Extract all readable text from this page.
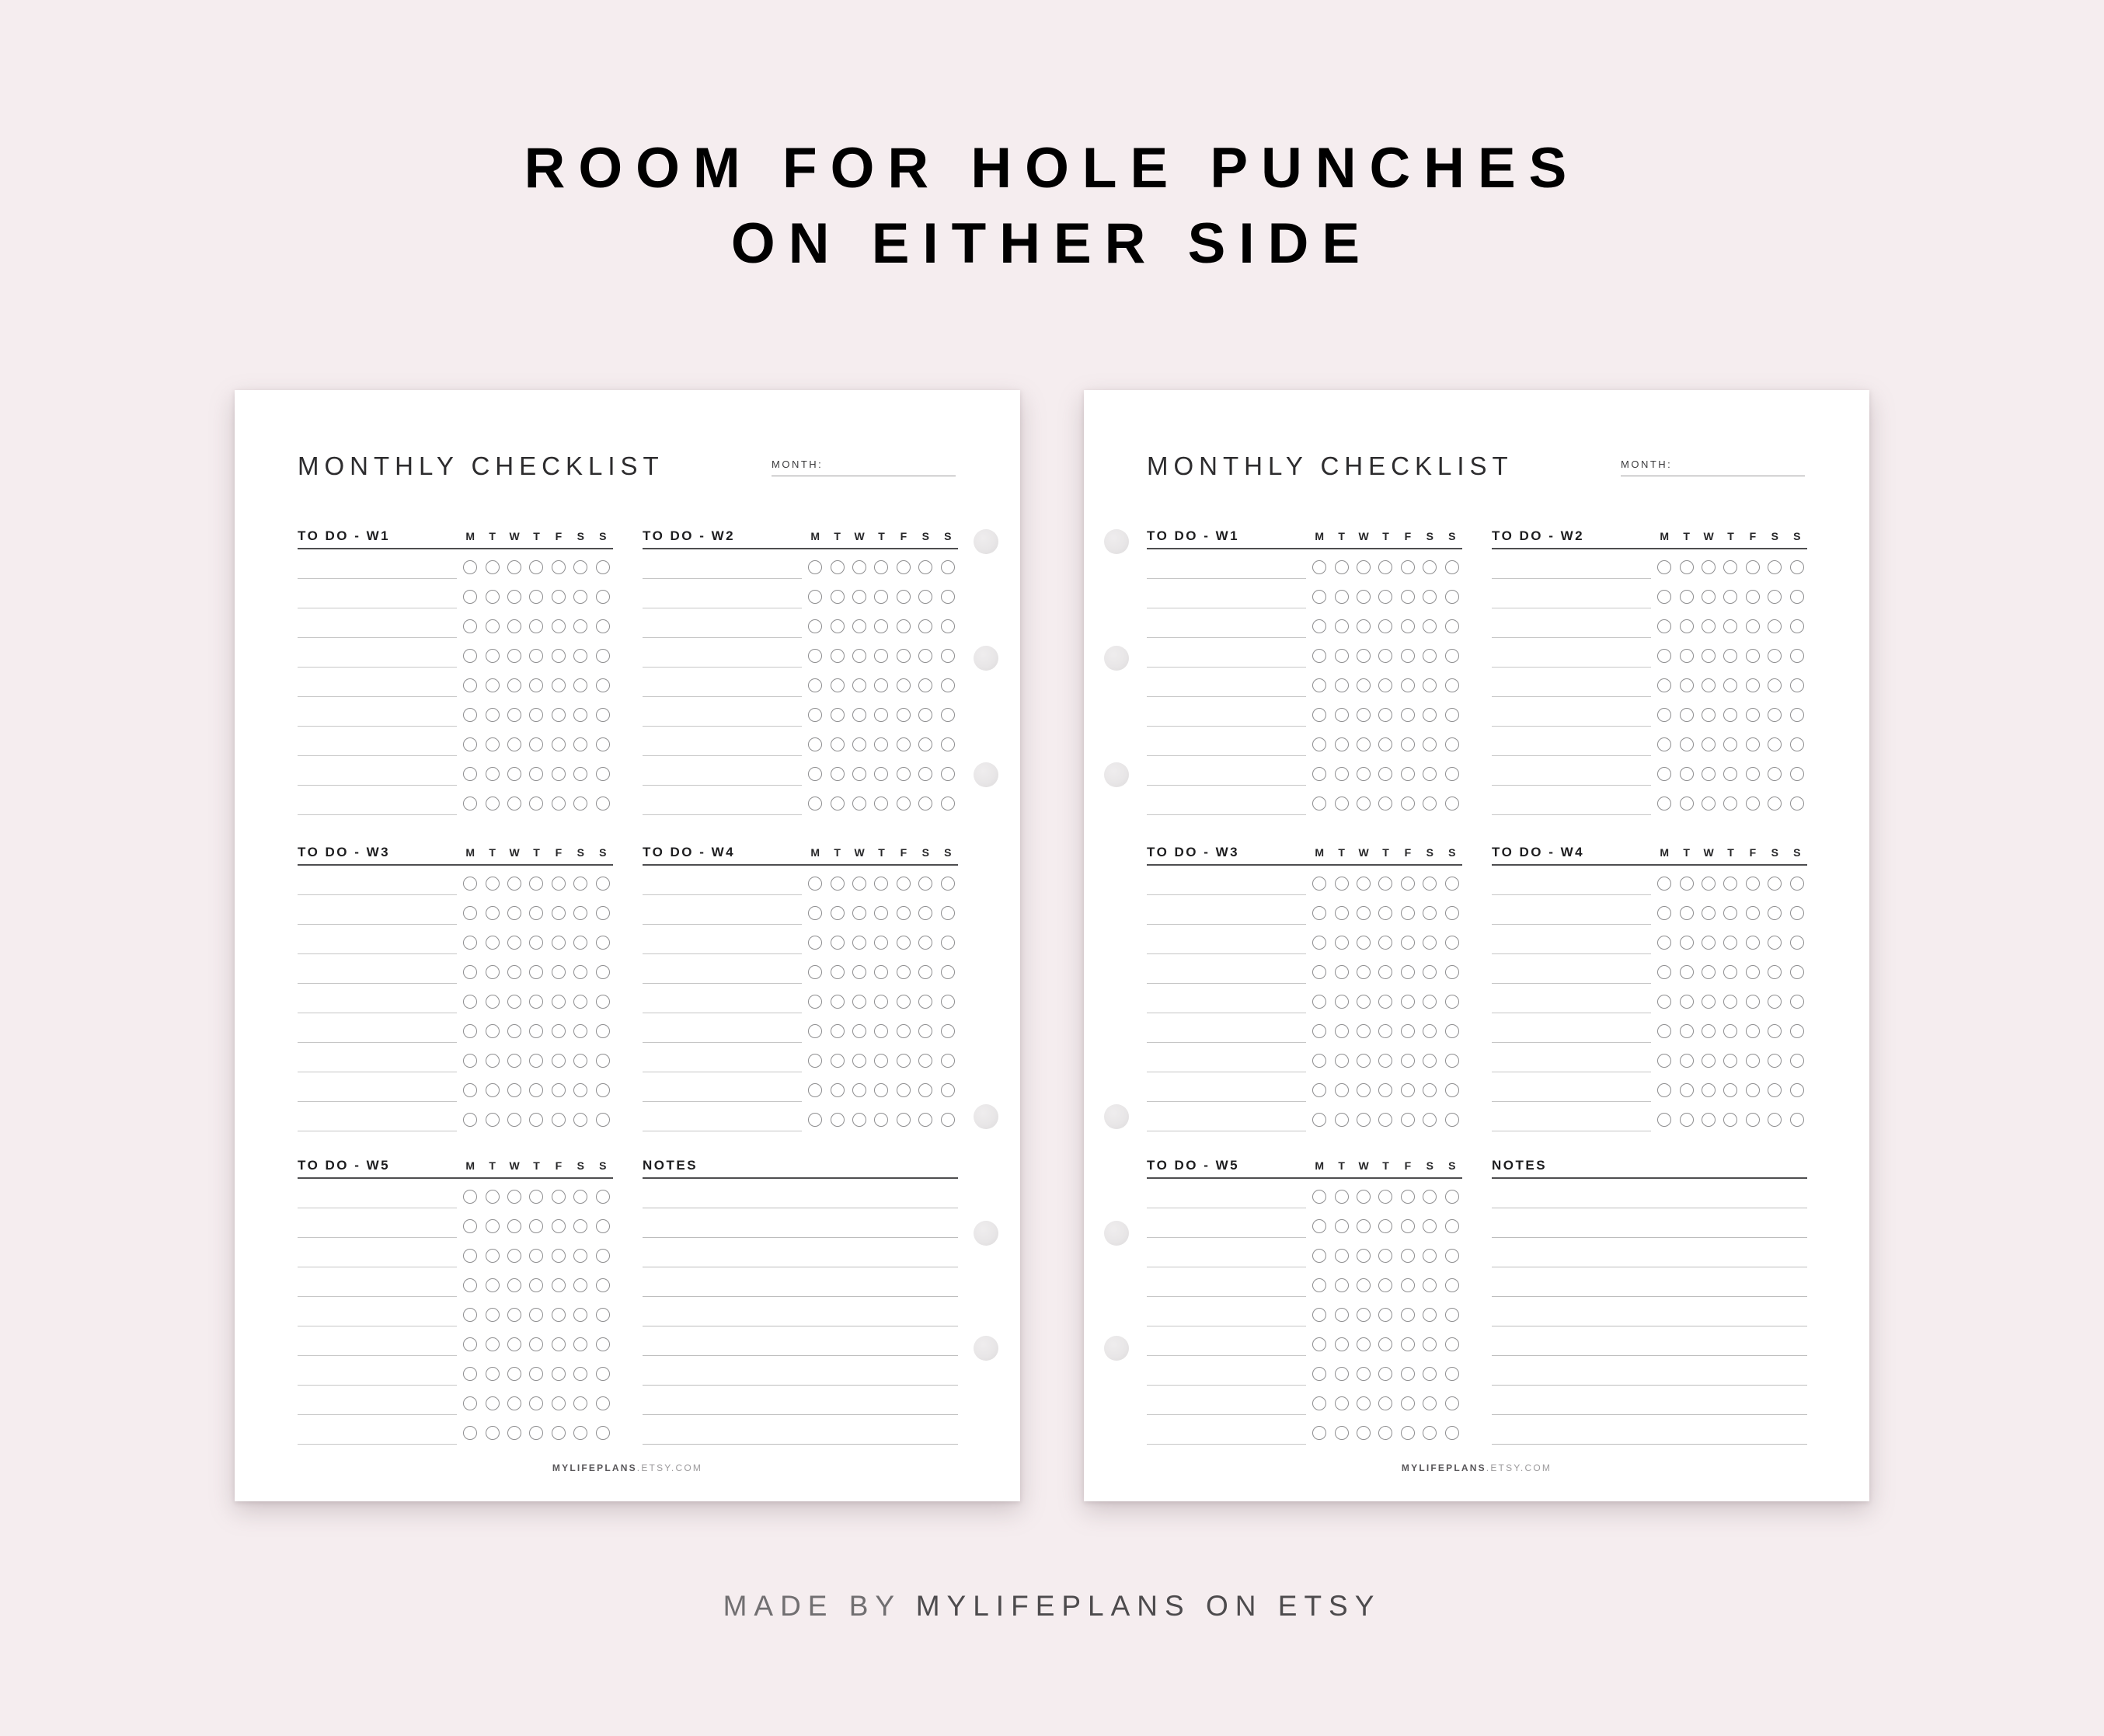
ROOM FOR HOLE PUNCHES
ON EITHER SIDE
MONTHLY CHECKLIST	MONTH:
TO DO - W1	M	T	W	T	F	S	S	TO DO - W2	M	T	W	T	F	S	S
TO DO - W3	M	T	W	T	F	S	S	TO DO - W4	M	T	W	T	F	S	S
TO DO - W5	M	T	W	T	F	S	S	NOTES
MYLIFEPLANS.ETSY.COM
MONTHLY CHECKLIST	MONTH:
TO DO - W1	M	T	W	T	F	S	S	TO DO - W2	M	T	W	T	F	S	S
TO DO - W3	M	T	W	T	F	S	S	TO DO - W4	M	T	W	T	F	S	S
TO DO - W5	M	T	W	T	F	S	S	NOTES
MYLIFEPLANS.ETSY.COM
MADE BY MYLIFEPLANS ON ETSY
